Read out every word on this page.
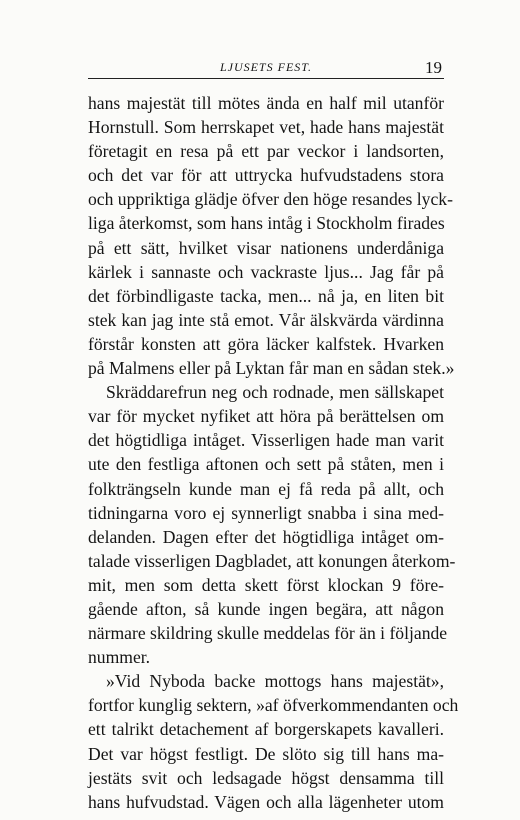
LJUSETS FEST.	19
hans majestät till mötes ända en half mil utanför
Hornstull. Som herrskapet vet, hade hans majestät
företagit en resa på ett par veckor i landsorten,
och det var för att uttrycka hufvudstadens stora
och uppriktiga glädje öfver den höge resandes lyck-
liga återkomst, som hans intåg i Stockholm firades
på ett sätt, hvilket visar nationens underdåniga
kärlek i sannaste och vackraste ljus... Jag får på
det förbindligaste tacka, men... nå ja, en liten bit
stek kan jag inte stå emot. Vår älskvärda värdinna
förstår konsten att göra läcker kalfstek. Hvarken
på Malmens eller på Lyktan får man en sådan stek.»
Skräddarefrun neg och rodnade, men sällskapet
var för mycket nyfiket att höra på berättelsen om
det högtidliga intåget. Visserligen hade man varit
ute den festliga aftonen och sett på ståten, men i
folkträngseln kunde man ej få reda på allt, och
tidningarna voro ej synnerligt snabba i sina med-
delanden. Dagen efter det högtidliga intåget om-
talade visserligen Dagbladet, att konungen återkom-
mit, men som detta skett först klockan 9 före-
gående afton, så kunde ingen begära, att någon
närmare skildring skulle meddelas för än i följande
nummer.
»Vid Nyboda backe mottogs hans majestät»,
fortfor kunglig sektern, »af öfverkommendanten och
ett talrikt detachement af borgerskapets kavalleri.
Det var högst festligt. De slöto sig till hans ma-
jestäts svit och ledsagade högst densamma till
hans hufvudstad. Vägen och alla lägenheter utom
